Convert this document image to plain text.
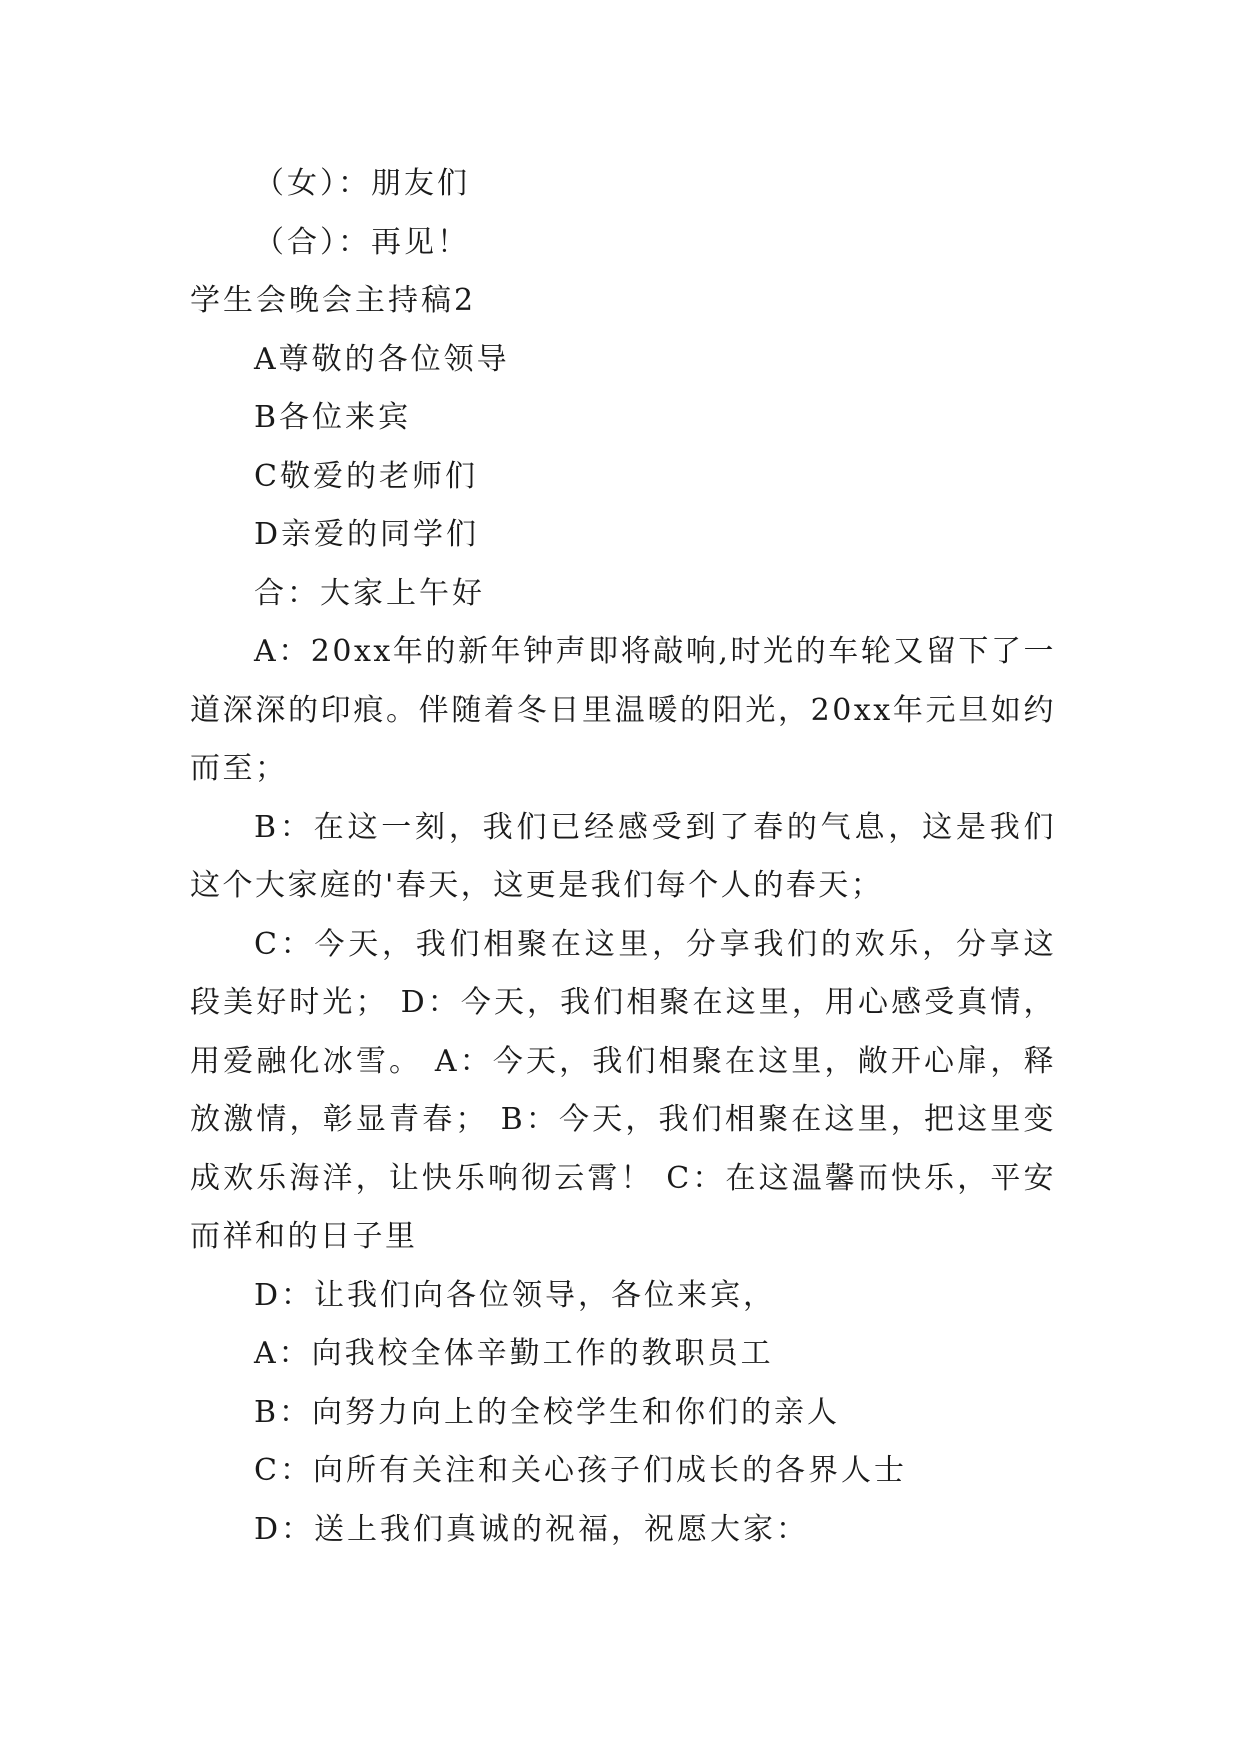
（女）：朋友们
（合）：再见！
学生会晚会主持稿2
A尊敬的各位领导
B各位来宾
C敬爱的老师们
D亲爱的同学们
合：大家上午好
A：20xx年的新年钟声即将敲响,时光的车轮又留下了一道深深的印痕。伴随着冬日里温暖的阳光，20xx年元旦如约而至；
B：在这一刻，我们已经感受到了春的气息，这是我们这个大家庭的'春天，这更是我们每个人的春天；
C：今天，我们相聚在这里，分享我们的欢乐，分享这段美好时光； D：今天，我们相聚在这里，用心感受真情，用爱融化冰雪。 A：今天，我们相聚在这里，敞开心扉，释放激情，彰显青春； B：今天，我们相聚在这里，把这里变成欢乐海洋，让快乐响彻云霄！ C：在这温馨而快乐，平安而祥和的日子里
D：让我们向各位领导，各位来宾，
A：向我校全体辛勤工作的教职员工
B：向努力向上的全校学生和你们的亲人
C：向所有关注和关心孩子们成长的各界人士
D：送上我们真诚的祝福，祝愿大家：
